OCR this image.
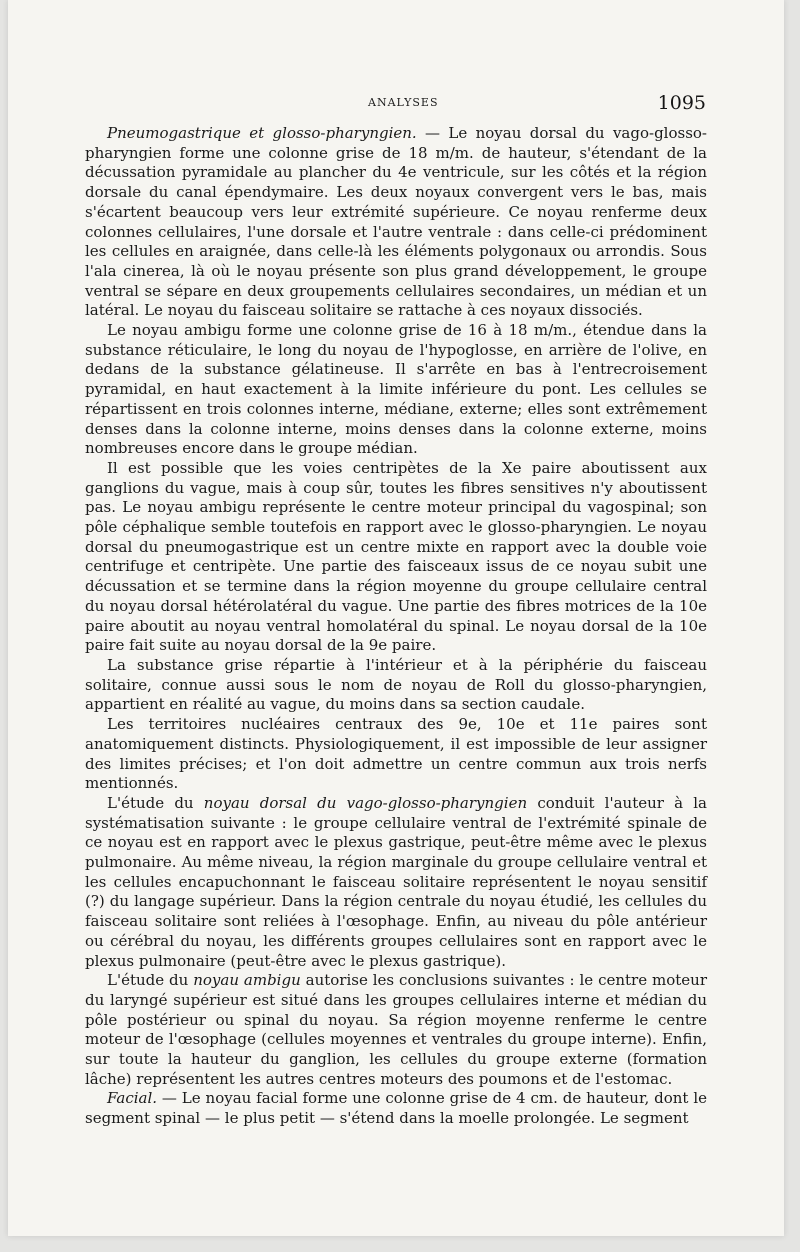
ANALYSES	1095

Pneumogastrique et glosso-pharyngien. — Le noyau dorsal du vago-glosso-pharyngien forme une colonne grise de 18 m/m. de hauteur, s'étendant de la décussation pyramidale au plancher du 4e ventricule, sur les côtés et la région dorsale du canal épendymaire. Les deux noyaux convergent vers le bas, mais s'écartent beaucoup vers leur extrémité supérieure. Ce noyau renferme deux colonnes cellulaires, l'une dorsale et l'autre ventrale : dans celle-ci prédominent les cellules en araignée, dans celle-là les éléments polygonaux ou arrondis. Sous l'ala cinerea, là où le noyau présente son plus grand développement, le groupe ventral se sépare en deux groupements cellulaires secondaires, un médian et un latéral. Le noyau du faisceau solitaire se rattache à ces noyaux dissociés.

Le noyau ambigu forme une colonne grise de 16 à 18 m/m., étendue dans la substance réticulaire, le long du noyau de l'hypoglosse, en arrière de l'olive, en dedans de la substance gélatineuse. Il s'arrête en bas à l'entrecroisement pyramidal, en haut exactement à la limite inférieure du pont. Les cellules se répartissent en trois colonnes interne, médiane, externe; elles sont extrêmement denses dans la colonne interne, moins denses dans la colonne externe, moins nombreuses encore dans le groupe médian.

Il est possible que les voies centripètes de la Xe paire aboutissent aux ganglions du vague, mais à coup sûr, toutes les fibres sensitives n'y aboutissent pas. Le noyau ambigu représente le centre moteur principal du vagospinal; son pôle céphalique semble toutefois en rapport avec le glosso-pharyngien. Le noyau dorsal du pneumogastrique est un centre mixte en rapport avec la double voie centrifuge et centripète. Une partie des faisceaux issus de ce noyau subit une décussation et se termine dans la région moyenne du groupe cellulaire central du noyau dorsal hétérolatéral du vague. Une partie des fibres motrices de la 10e paire aboutit au noyau ventral homolatéral du spinal. Le noyau dorsal de la 10e paire fait suite au noyau dorsal de la 9e paire.

La substance grise répartie à l'intérieur et à la périphérie du faisceau solitaire, connue aussi sous le nom de noyau de Roll du glosso-pharyngien, appartient en réalité au vague, du moins dans sa section caudale.

Les territoires nucléaires centraux des 9e, 10e et 11e paires sont anatomiquement distincts. Physiologiquement, il est impossible de leur assigner des limites précises; et l'on doit admettre un centre commun aux trois nerfs mentionnés.

L'étude du noyau dorsal du vago-glosso-pharyngien conduit l'auteur à la systématisation suivante : le groupe cellulaire ventral de l'extrémité spinale de ce noyau est en rapport avec le plexus gastrique, peut-être même avec le plexus pulmonaire. Au même niveau, la région marginale du groupe cellulaire ventral et les cellules encapuchonnant le faisceau solitaire représentent le noyau sensitif (?) du langage supérieur. Dans la région centrale du noyau étudié, les cellules du faisceau solitaire sont reliées à l'œsophage. Enfin, au niveau du pôle antérieur ou cérébral du noyau, les différents groupes cellulaires sont en rapport avec le plexus pulmonaire (peut-être avec le plexus gastrique).

L'étude du noyau ambigu autorise les conclusions suivantes : le centre moteur du laryngé supérieur est situé dans les groupes cellulaires interne et médian du pôle postérieur ou spinal du noyau. Sa région moyenne renferme le centre moteur de l'œsophage (cellules moyennes et ventrales du groupe interne). Enfin, sur toute la hauteur du ganglion, les cellules du groupe externe (formation lâche) représentent les autres centres moteurs des poumons et de l'estomac.

Facial. — Le noyau facial forme une colonne grise de 4 cm. de hauteur, dont le segment spinal — le plus petit — s'étend dans la moelle prolongée. Le segment
